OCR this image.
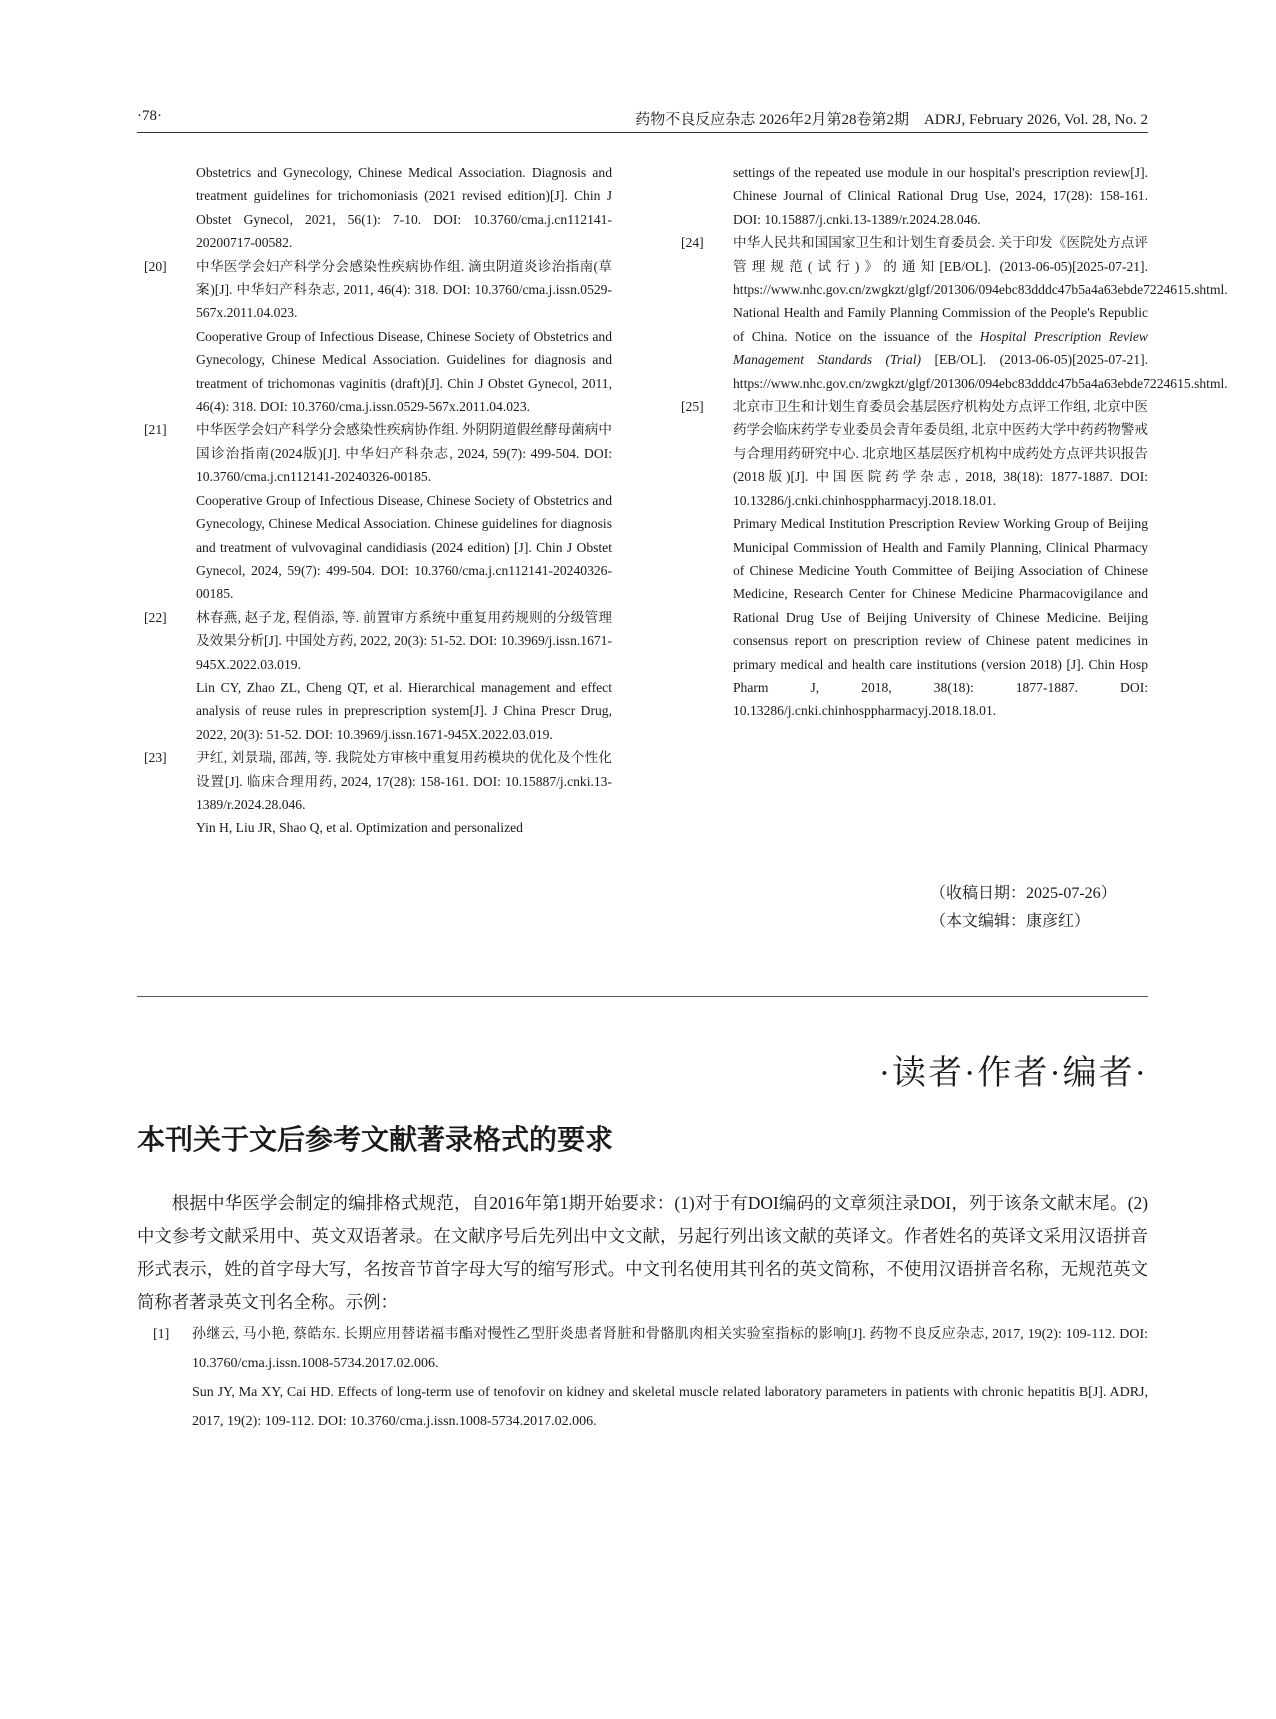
·78·	药物不良反应杂志 2026年2月第28卷第2期　ADRJ, February 2026, Vol. 28, No. 2

Obstetrics and Gynecology, Chinese Medical Association. Diagnosis and treatment guidelines for trichomoniasis (2021 revised edition)[J]. Chin J Obstet Gynecol, 2021, 56(1): 7-10. DOI: 10.3760/cma.j.cn112141-20200717-00582.

[20] 中华医学会妇产科学分会感染性疾病协作组. 滴虫阴道炎诊治指南(草案)[J]. 中华妇产科杂志, 2011, 46(4): 318. DOI: 10.3760/cma.j.issn.0529-567x.2011.04.023.

Cooperative Group of Infectious Disease, Chinese Society of Obstetrics and Gynecology, Chinese Medical Association. Guidelines for diagnosis and treatment of trichomonas vaginitis (draft)[J]. Chin J Obstet Gynecol, 2011, 46(4): 318. DOI: 10.3760/cma.j.issn.0529-567x.2011.04.023.

[21] 中华医学会妇产科学分会感染性疾病协作组. 外阴阴道假丝酵母菌病中国诊治指南(2024版)[J]. 中华妇产科杂志, 2024, 59(7): 499-504. DOI: 10.3760/cma.j.cn112141-20240326-00185.

Cooperative Group of Infectious Disease, Chinese Society of Obstetrics and Gynecology, Chinese Medical Association. Chinese guidelines for diagnosis and treatment of vulvovaginal candidiasis (2024 edition) [J]. Chin J Obstet Gynecol, 2024, 59(7): 499-504. DOI: 10.3760/cma.j.cn112141-20240326-00185.

[22] 林春燕, 赵子龙, 程俏添, 等. 前置审方系统中重复用药规则的分级管理及效果分析[J]. 中国处方药, 2022, 20(3): 51-52. DOI: 10.3969/j.issn.1671-945X.2022.03.019.

Lin CY, Zhao ZL, Cheng QT, et al. Hierarchical management and effect analysis of reuse rules in preprescription system[J]. J China Prescr Drug, 2022, 20(3): 51-52. DOI: 10.3969/j.issn.1671-945X.2022.03.019.

[23] 尹红, 刘景瑞, 邵茜, 等. 我院处方审核中重复用药模块的优化及个性化设置[J]. 临床合理用药, 2024, 17(28): 158-161. DOI: 10.15887/j.cnki.13-1389/r.2024.28.046.

Yin H, Liu JR, Shao Q, et al. Optimization and personalized

settings of the repeated use module in our hospital's prescription review[J]. Chinese Journal of Clinical Rational Drug Use, 2024, 17(28): 158-161. DOI: 10.15887/j.cnki.13-1389/r.2024.28.046.

[24] 中华人民共和国国家卫生和计划生育委员会. 关于印发《医院处方点评管理规范(试行)》的通知[EB/OL]. (2013-06-05)[2025-07-21]. https://www.nhc.gov.cn/zwgkzt/glgf/201306/094ebc83dddc47b5a4a63ebde7224615.shtml.

National Health and Family Planning Commission of the People's Republic of China. Notice on the issuance of the Hospital Prescription Review Management Standards (Trial) [EB/OL]. (2013-06-05)[2025-07-21]. https://www.nhc.gov.cn/zwgkzt/glgf/201306/094ebc83dddc47b5a4a63ebde7224615.shtml.

[25] 北京市卫生和计划生育委员会基层医疗机构处方点评工作组, 北京中医药学会临床药学专业委员会青年委员组, 北京中医药大学中药药物警戒与合理用药研究中心. 北京地区基层医疗机构中成药处方点评共识报告(2018版)[J]. 中国医院药学杂志, 2018, 38(18): 1877-1887. DOI: 10.13286/j.cnki.chinhosppharmacyj.2018.18.01.

Primary Medical Institution Prescription Review Working Group of Beijing Municipal Commission of Health and Family Planning, Clinical Pharmacy of Chinese Medicine Youth Committee of Beijing Association of Chinese Medicine, Research Center for Chinese Medicine Pharmacovigilance and Rational Drug Use of Beijing University of Chinese Medicine. Beijing consensus report on prescription review of Chinese patent medicines in primary medical and health care institutions (version 2018) [J]. Chin Hosp Pharm J, 2018, 38(18): 1877-1887. DOI: 10.13286/j.cnki.chinhosppharmacyj.2018.18.01.

（收稿日期：2025-07-26）
（本文编辑：康彦红）
·读者·作者·编者·
本刊关于文后参考文献著录格式的要求

根据中华医学会制定的编排格式规范，自2016年第1期开始要求：(1)对于有DOI编码的文章须注录DOI，列于该条文献末尾。(2)中文参考文献采用中、英文双语著录。在文献序号后先列出中文文献，另起行列出该文献的英译文。作者姓名的英译文采用汉语拼音形式表示，姓的首字母大写，名按音节首字母大写的缩写形式。中文刊名使用其刊名的英文简称，不使用汉语拼音名称，无规范英文简称者著录英文刊名全称。示例：

[1] 孙继云, 马小艳, 蔡皓东. 长期应用替诺福韦酯对慢性乙型肝炎患者肾脏和骨骼肌肉相关实验室指标的影响[J]. 药物不良反应杂志, 2017, 19(2): 109-112. DOI: 10.3760/cma.j.issn.1008-5734.2017.02.006.

Sun JY, Ma XY, Cai HD. Effects of long-term use of tenofovir on kidney and skeletal muscle related laboratory parameters in patients with chronic hepatitis B[J]. ADRJ, 2017, 19(2): 109-112. DOI: 10.3760/cma.j.issn.1008-5734.2017.02.006.
